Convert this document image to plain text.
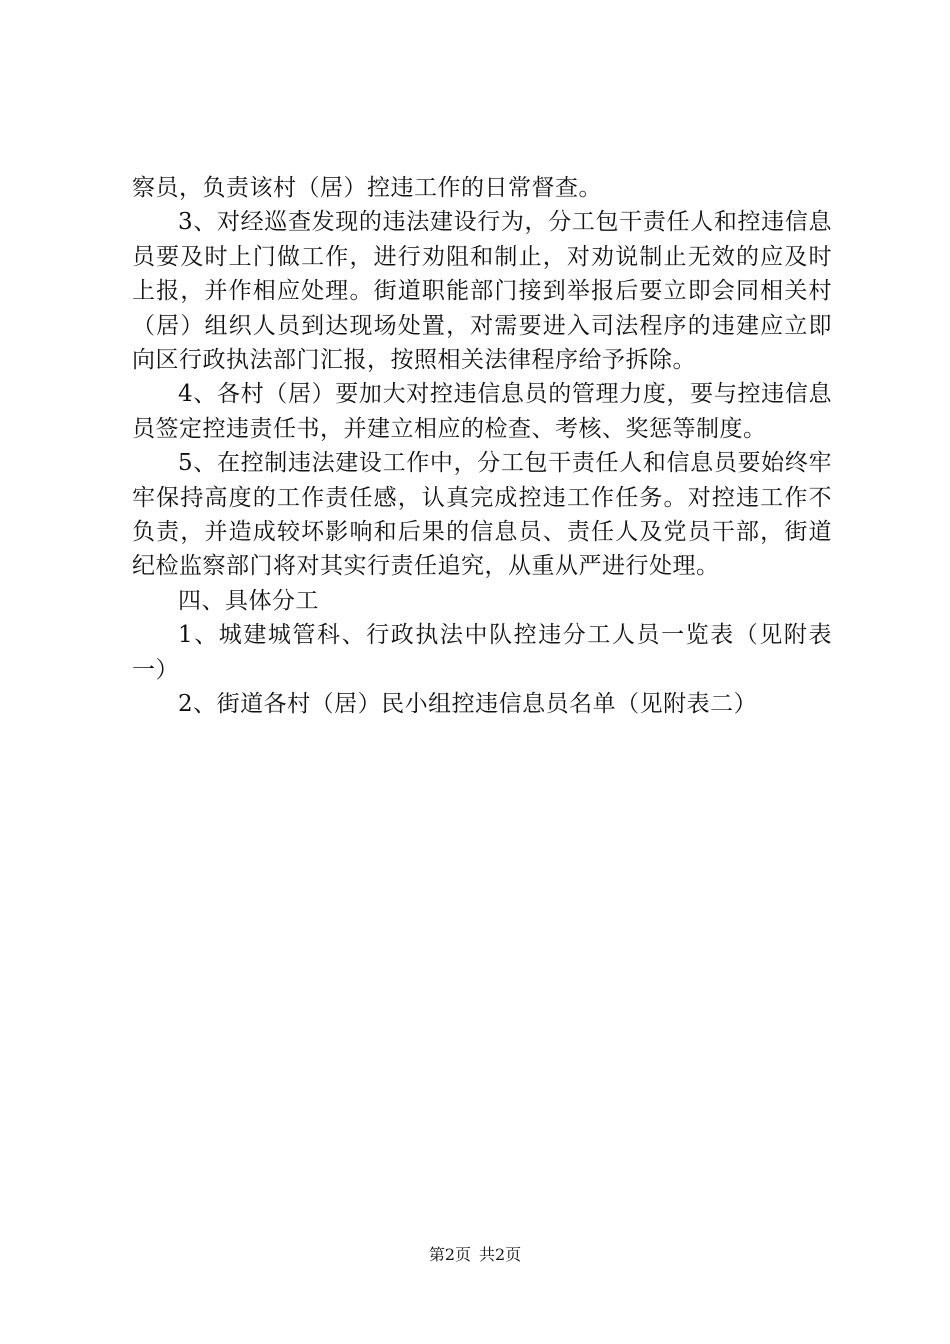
察员，负责该村（居）控违工作的日常督查。

3、对经巡查发现的违法建设行为，分工包干责任人和控违信息员要及时上门做工作，进行劝阻和制止，对劝说制止无效的应及时上报，并作相应处理。街道职能部门接到举报后要立即会同相关村（居）组织人员到达现场处置，对需要进入司法程序的违建应立即向区行政执法部门汇报，按照相关法律程序给予拆除。

4、各村（居）要加大对控违信息员的管理力度，要与控违信息员签定控违责任书，并建立相应的检查、考核、奖惩等制度。

5、在控制违法建设工作中，分工包干责任人和信息员要始终牢牢保持高度的工作责任感，认真完成控违工作任务。对控违工作不负责，并造成较坏影响和后果的信息员、责任人及党员干部，街道纪检监察部门将对其实行责任追究，从重从严进行处理。

四、具体分工

1、城建城管科、行政执法中队控违分工人员一览表（见附表一）

2、街道各村（居）民小组控违信息员名单（见附表二）

第2页 共2页
